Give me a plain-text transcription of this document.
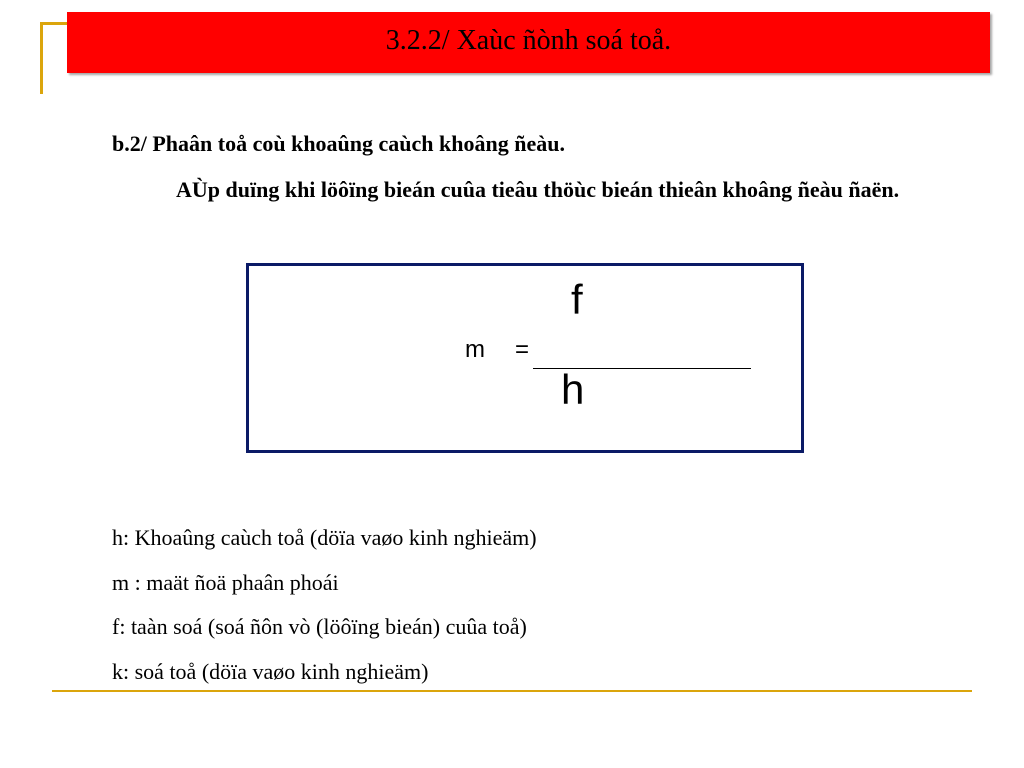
3.2.2/ Xaùc ñònh soá toå.
b.2/ Phaân toå coù khoaûng caùch khoâng ñeàu.
AÙp duïng khi löôïng bieán cuûa tieâu thöùc bieán thieân khoâng ñeàu ñaën.
f
m =
h
h: Khoaûng caùch toå (döïa vaøo kinh nghieäm)
m : maät ñoä phaân phoái
f: taàn soá (soá ñôn vò (löôïng bieán) cuûa toå)
k: soá toå (döïa vaøo kinh nghieäm)
